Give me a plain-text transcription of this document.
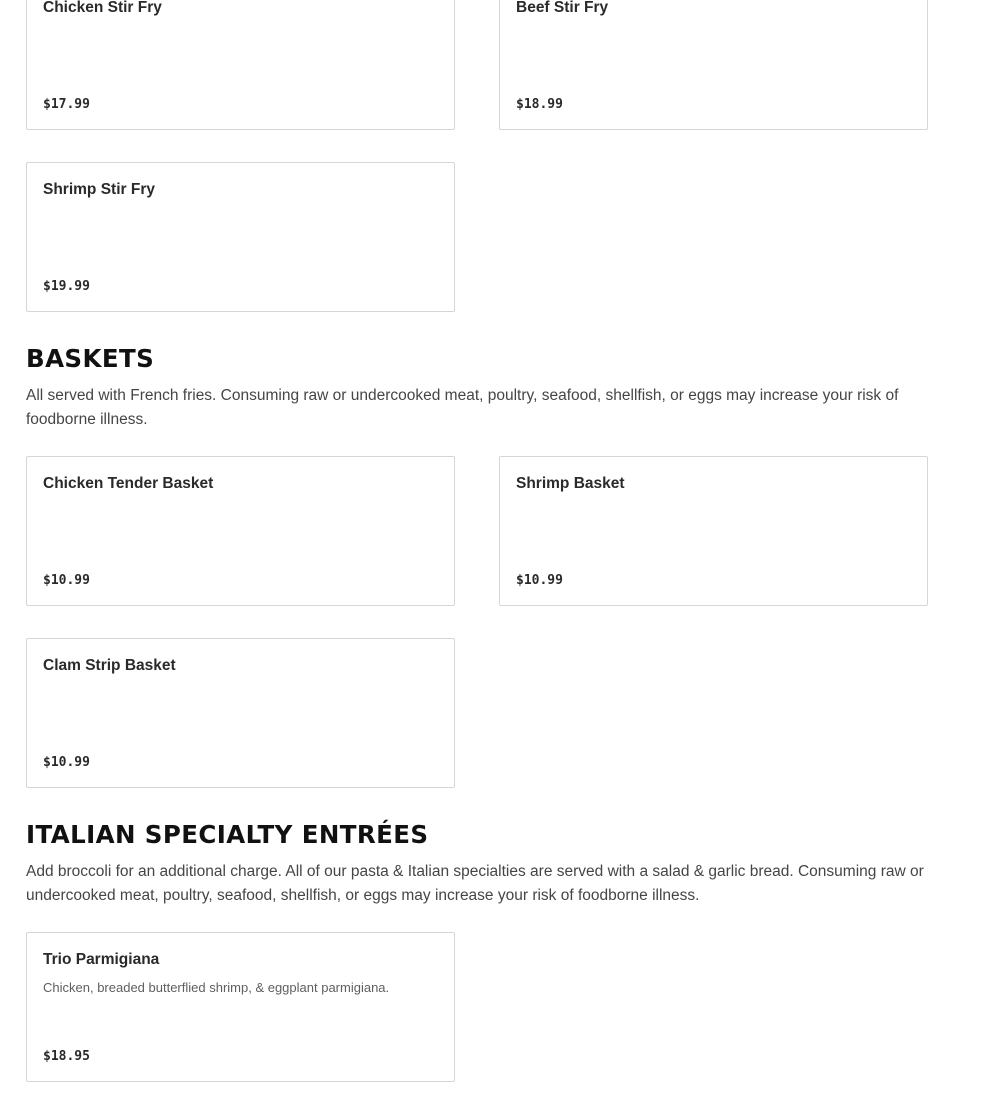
Chicken Stir Fry
$17.99
Beef Stir Fry
$18.99
Shrimp Stir Fry
$19.99
BASKETS

All served with French fries. Consuming raw or undercooked meat, poultry, seafood, shellfish, or eggs may increase your risk of foodborne illness.

Chicken Tender Basket
$10.99
Shrimp Basket
$10.99
Clam Strip Basket
$10.99
ITALIAN SPECIALTY ENTRÉES

Add broccoli for an additional charge. All of our pasta & Italian specialties are served with a salad & garlic bread. Consuming raw or undercooked meat, poultry, seafood, shellfish, or eggs may increase your risk of foodborne illness.

Trio Parmigiana
Chicken, breaded butterflied shrimp, & eggplant parmigiana.
$18.95
